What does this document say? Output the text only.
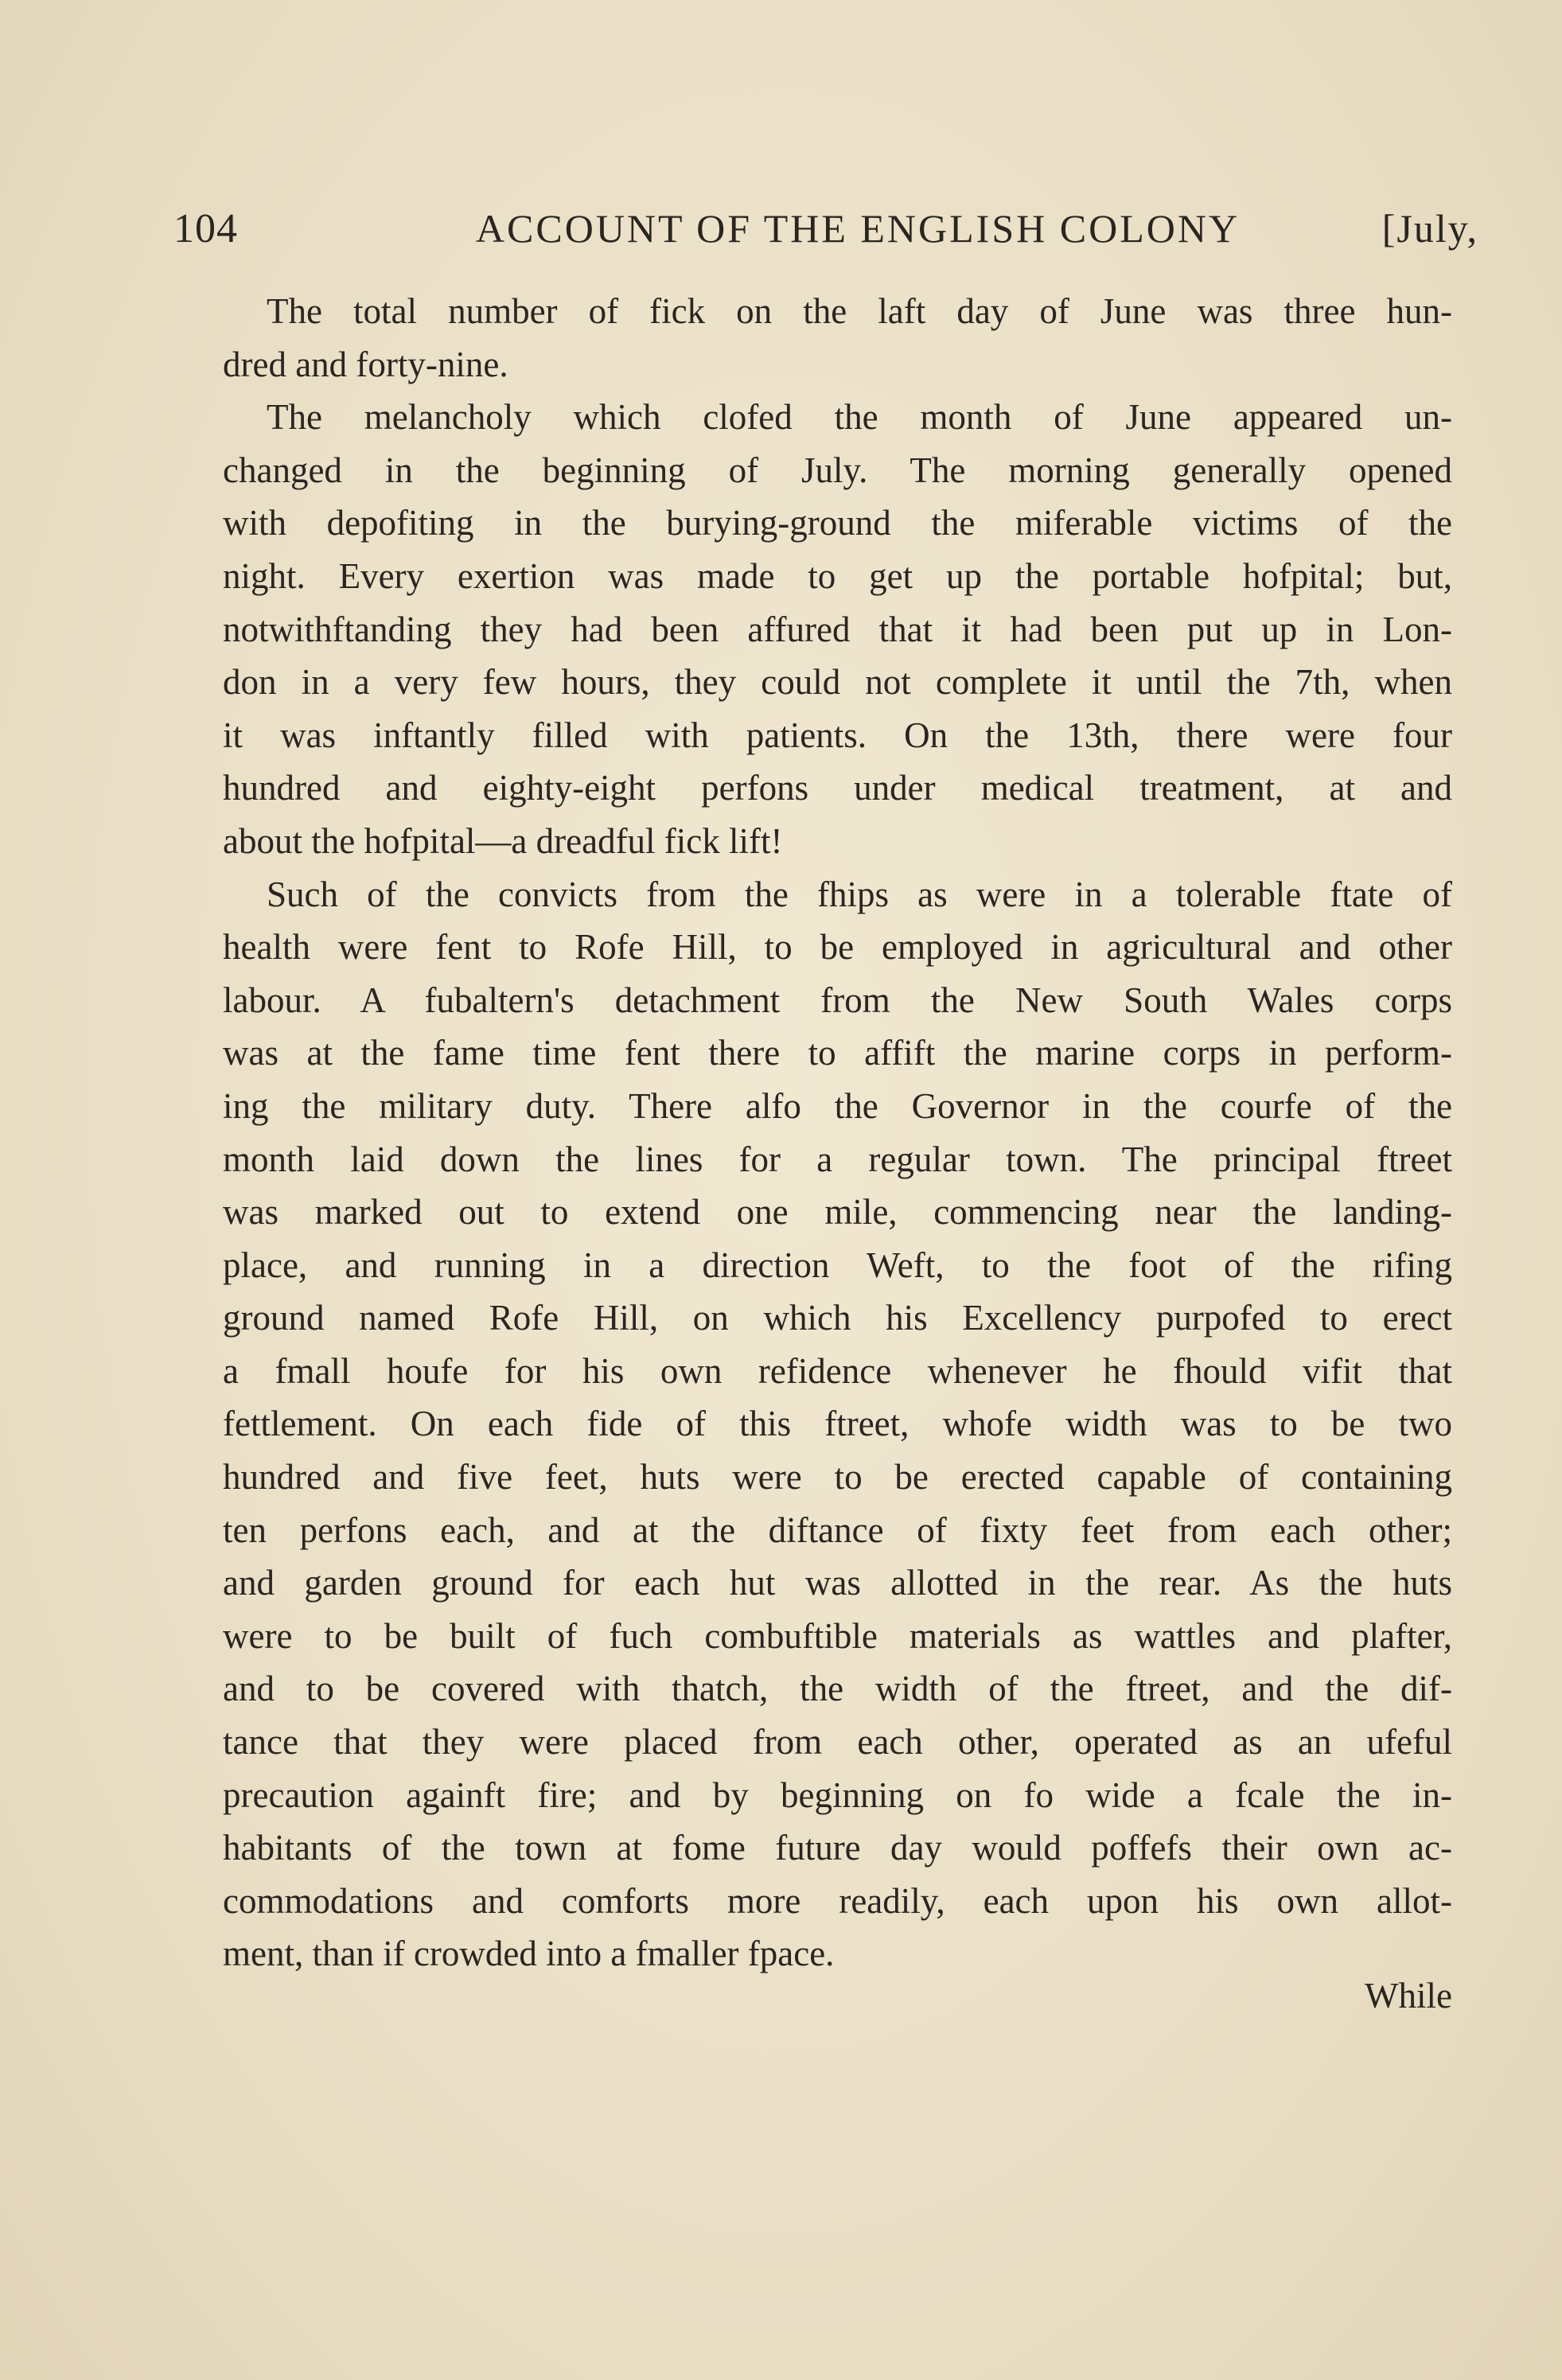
104	ACCOUNT OF THE ENGLISH COLONY	[July,
The total number of fick on the laft day of June was three hun-
dred and forty-nine.
The melancholy which clofed the month of June appeared un-
changed in the beginning of July. The morning generally opened
with depofiting in the burying-ground the miferable victims of the
night. Every exertion was made to get up the portable hofpital; but,
notwithftanding they had been affured that it had been put up in Lon-
don in a very few hours, they could not complete it until the 7th, when
it was inftantly filled with patients. On the 13th, there were four
hundred and eighty-eight perfons under medical treatment, at and
about the hofpital—a dreadful fick lift!
Such of the convicts from the fhips as were in a tolerable ftate of
health were fent to Rofe Hill, to be employed in agricultural and other
labour. A fubaltern's detachment from the New South Wales corps
was at the fame time fent there to affift the marine corps in perform-
ing the military duty. There alfo the Governor in the courfe of the
month laid down the lines for a regular town. The principal ftreet
was marked out to extend one mile, commencing near the landing-
place, and running in a direction Weft, to the foot of the rifing
ground named Rofe Hill, on which his Excellency purpofed to erect
a fmall houfe for his own refidence whenever he fhould vifit that
fettlement. On each fide of this ftreet, whofe width was to be two
hundred and five feet, huts were to be erected capable of containing
ten perfons each, and at the diftance of fixty feet from each other;
and garden ground for each hut was allotted in the rear. As the huts
were to be built of fuch combuftible materials as wattles and plafter,
and to be covered with thatch, the width of the ftreet, and the dif-
tance that they were placed from each other, operated as an ufeful
precaution againft fire; and by beginning on fo wide a fcale the in-
habitants of the town at fome future day would poffefs their own ac-
commodations and comforts more readily, each upon his own allot-
ment, than if crowded into a fmaller fpace.
While
